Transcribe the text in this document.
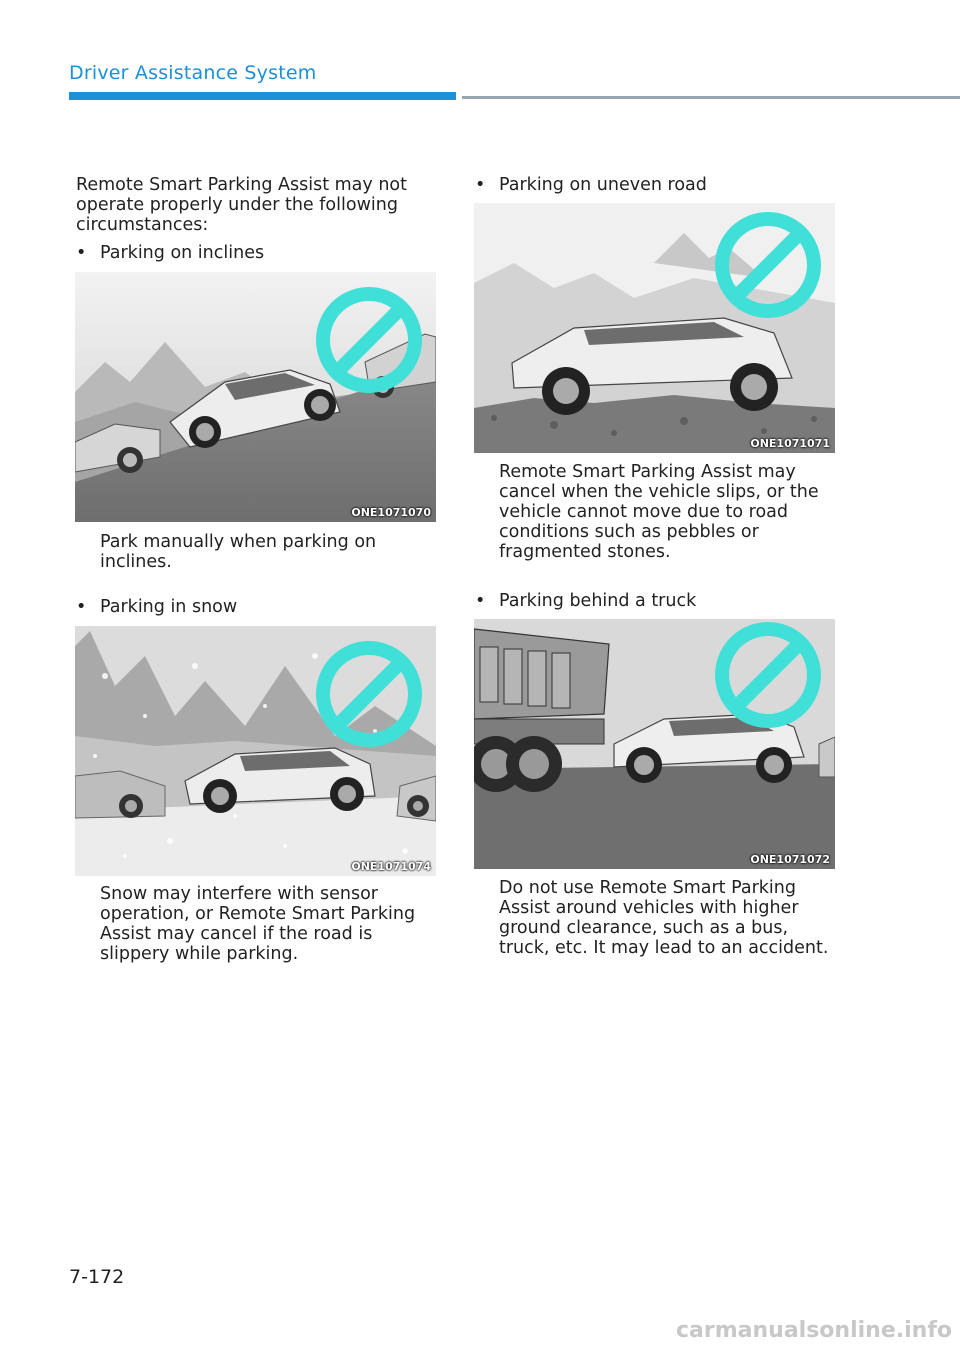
Driver Assistance System
Remote Smart Parking Assist may not operate properly under the following circumstances:
• Parking on inclines
ONE1071070
Park manually when parking on inclines.
• Parking in snow
ONE1071074
Snow may interfere with sensor operation, or Remote Smart Parking Assist may cancel if the road is slippery while parking.
• Parking on uneven road
ONE1071071
Remote Smart Parking Assist may cancel when the vehicle slips, or the vehicle cannot move due to road conditions such as pebbles or fragmented stones.
• Parking behind a truck
ONE1071072
Do not use Remote Smart Parking Assist around vehicles with higher ground clearance, such as a bus, truck, etc. It may lead to an accident.
7-172
carmanualsonline.info
